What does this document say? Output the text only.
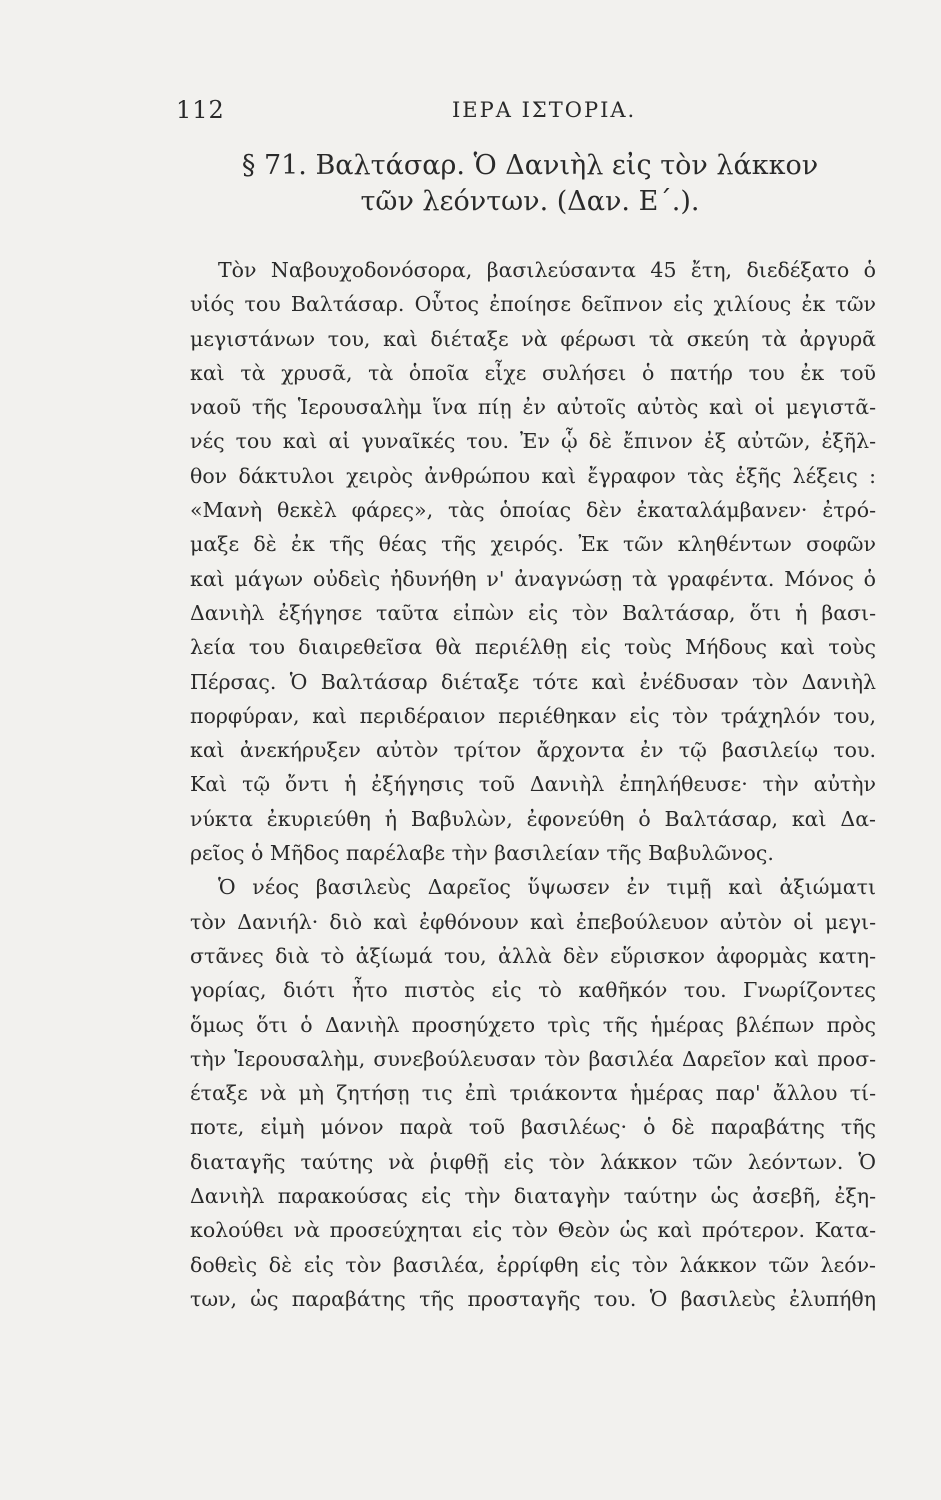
112	ΙΕΡΑ ΙΣΤΟΡΙΑ.
§ 71. Βαλτάσαρ. Ὁ Δανιὴλ εἰς τὸν λάκκον
τῶν λεόντων. (Δαν. Ε΄.).
Τὸν Ναβουχοδονόσορα, βασιλεύσαντα 45 ἔτη, διεδέξατο ὁ
υἱός του Βαλτάσαρ. Οὗτος ἐποίησε δεῖπνον εἰς χιλίους ἐκ τῶν
μεγιστάνων του, καὶ διέταξε νὰ φέρωσι τὰ σκεύη τὰ ἀργυρᾶ
καὶ τὰ χρυσᾶ, τὰ ὁποῖα εἶχε συλήσει ὁ πατήρ του ἐκ τοῦ
ναοῦ τῆς Ἱερουσαλὴμ ἵνα πίῃ ἐν αὐτοῖς αὐτὸς καὶ οἱ μεγιστᾶ-
νές του καὶ αἱ γυναῖκές του. Ἐν ᾧ δὲ ἔπινον ἐξ αὐτῶν, ἐξῆλ-
θον δάκτυλοι χειρὸς ἀνθρώπου καὶ ἔγραφον τὰς ἑξῆς λέξεις :
«Μανὴ θεκὲλ φάρες», τὰς ὁποίας δὲν ἐκαταλάμβανεν· ἐτρό-
μαξε δὲ ἐκ τῆς θέας τῆς χειρός. Ἐκ τῶν κληθέντων σοφῶν
καὶ μάγων οὐδεὶς ἠδυνήθη ν' ἀναγνώσῃ τὰ γραφέντα. Μόνος ὁ
Δανιὴλ ἐξήγησε ταῦτα εἰπὼν εἰς τὸν Βαλτάσαρ, ὅτι ἡ βασι-
λεία του διαιρεθεῖσα θὰ περιέλθῃ εἰς τοὺς Μήδους καὶ τοὺς
Πέρσας. Ὁ Βαλτάσαρ διέταξε τότε καὶ ἐνέδυσαν τὸν Δανιὴλ
πορφύραν, καὶ περιδέραιον περιέθηκαν εἰς τὸν τράχηλόν του,
καὶ ἀνεκήρυξεν αὐτὸν τρίτον ἄρχοντα ἐν τῷ βασιλείῳ του.
Καὶ τῷ ὄντι ἡ ἐξήγησις τοῦ Δανιὴλ ἐπηλήθευσε· τὴν αὐτὴν
νύκτα ἐκυριεύθη ἡ Βαβυλὼν, ἐφονεύθη ὁ Βαλτάσαρ, καὶ Δα-
ρεῖος ὁ Μῆδος παρέλαβε τὴν βασιλείαν τῆς Βαβυλῶνος.
Ὁ νέος βασιλεὺς Δαρεῖος ὕψωσεν ἐν τιμῇ καὶ ἀξιώματι
τὸν Δανιήλ· διὸ καὶ ἐφθόνουν καὶ ἐπεβούλευον αὐτὸν οἱ μεγι-
στᾶνες διὰ τὸ ἀξίωμά του, ἀλλὰ δὲν εὕρισκον ἀφορμὰς κατη-
γορίας, διότι ἦτο πιστὸς εἰς τὸ καθῆκόν του. Γνωρίζοντες
ὅμως ὅτι ὁ Δανιὴλ προσηύχετο τρὶς τῆς ἡμέρας βλέπων πρὸς
τὴν Ἱερουσαλὴμ, συνεβούλευσαν τὸν βασιλέα Δαρεῖον καὶ προσ-
έταξε νὰ μὴ ζητήσῃ τις ἐπὶ τριάκοντα ἡμέρας παρ' ἄλλου τί-
ποτε, εἰμὴ μόνον παρὰ τοῦ βασιλέως· ὁ δὲ παραβάτης τῆς
διαταγῆς ταύτης νὰ ῥιφθῇ εἰς τὸν λάκκον τῶν λεόντων. Ὁ
Δανιὴλ παρακούσας εἰς τὴν διαταγὴν ταύτην ὡς ἀσεβῆ, ἐξη-
κολούθει νὰ προσεύχηται εἰς τὸν Θεὸν ὡς καὶ πρότερον. Κατα-
δοθεὶς δὲ εἰς τὸν βασιλέα, ἐρρίφθη εἰς τὸν λάκκον τῶν λεόν-
των, ὡς παραβάτης τῆς προσταγῆς του. Ὁ βασιλεὺς ἐλυπήθη
